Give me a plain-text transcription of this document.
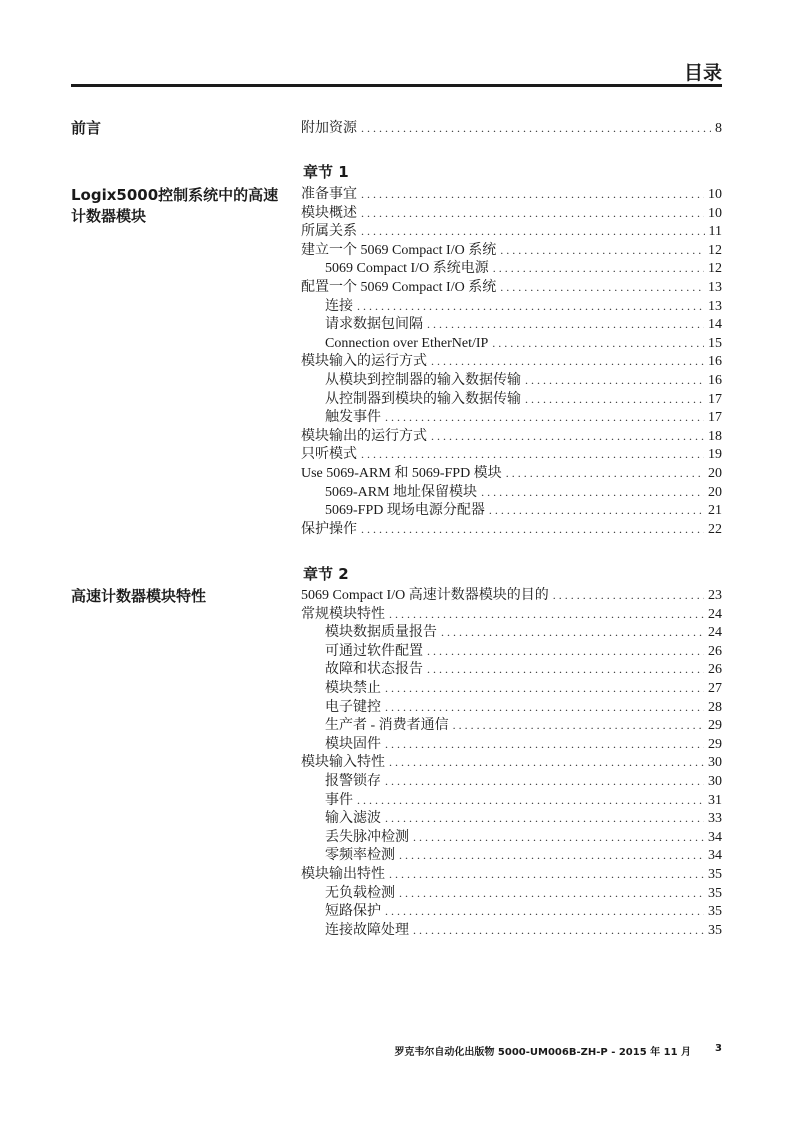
目录
前言
Logix5000控制系统中的高速计数器模块
高速计数器模块特性
附加资源 .....	8
章节 1
准备事宜 .....	10
模块概述 .....	10
所属关系 .....	11
建立一个 5069 Compact I/O 系统 .....	12
5069 Compact I/O 系统电源 .....	12
配置一个 5069 Compact I/O 系统 .....	13
连接 .....	13
请求数据包间隔 .....	14
Connection over EtherNet/IP .....	15
模块输入的运行方式 .....	16
从模块到控制器的输入数据传输 .....	16
从控制器到模块的输入数据传输 .....	17
触发事件 .....	17
模块输出的运行方式 .....	18
只听模式 .....	19
Use 5069-ARM 和 5069-FPD 模块 .....	20
5069-ARM 地址保留模块 .....	20
5069-FPD 现场电源分配器 .....	21
保护操作 .....	22
章节 2
5069 Compact I/O 高速计数器模块的目的 .....	23
常规模块特性 .....	24
模块数据质量报告 .....	24
可通过软件配置 .....	26
故障和状态报告 .....	26
模块禁止 .....	27
电子键控 .....	28
生产者 - 消费者通信 .....	29
模块固件 .....	29
模块输入特性 .....	30
报警锁存 .....	30
事件 .....	31
输入滤波 .....	33
丢失脉冲检测 .....	34
零频率检测 .....	34
模块输出特性 .....	35
无负载检测 .....	35
短路保护 .....	35
连接故障处理 .....	35
罗克韦尔自动化出版物 5000-UM006B-ZH-P - 2015 年 11 月 3
